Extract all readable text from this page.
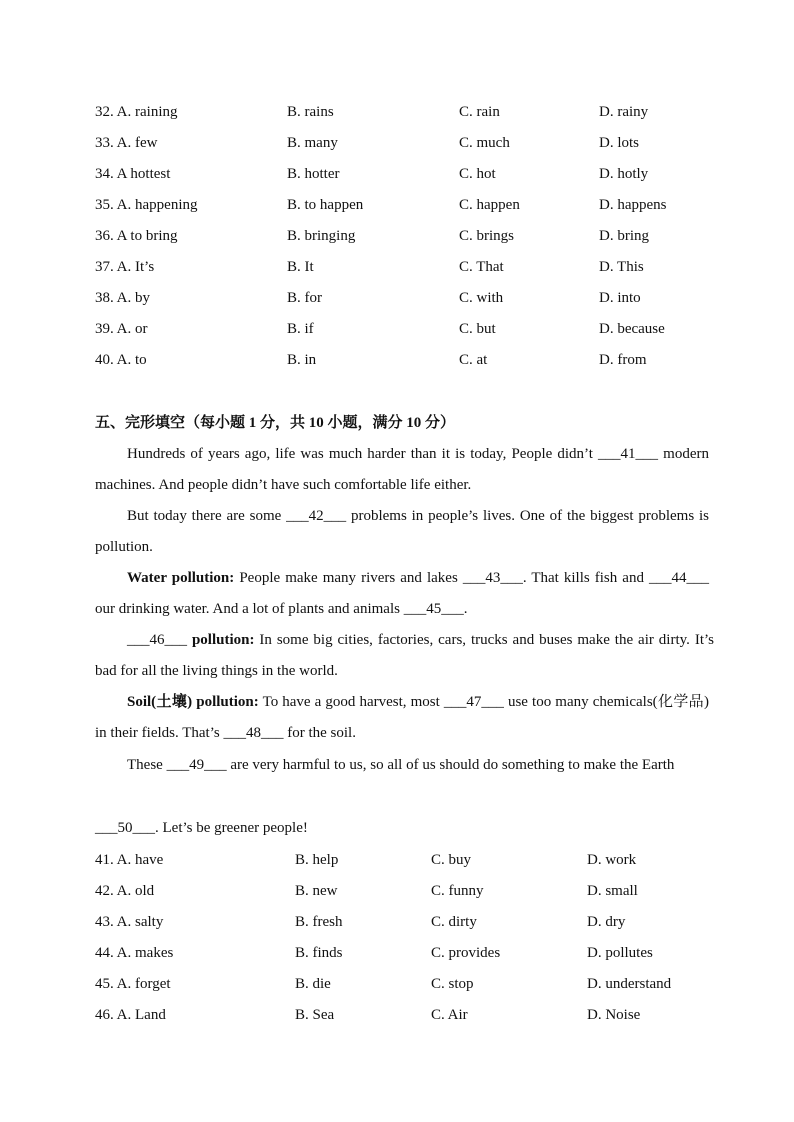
32. A. raining	B. rains	C. rain	D. rainy
33. A. few	B. many	C. much	D. lots
34. A hottest	B. hotter	C. hot	D. hotly
35. A. happening	B. to happen	C. happen	D. happens
36. A to bring	B. bringing	C. brings	D. bring
37. A. It’s	B. It	C. That	D. This
38. A. by	B. for	C. with	D. into
39. A. or	B. if	C. but	D. because
40. A. to	B. in	C. at	D. from
五、完形填空（每小题 1 分，共 10 小题，满分 10 分）
Hundreds of years ago, life was much harder than it is today, People didn’t ___41___ modern machines. And people didn’t have such comfortable life either.
But today there are some ___42___ problems in people’s lives. One of the biggest problems is pollution.
Water pollution: People make many rivers and lakes ___43___. That kills fish and ___44___ our drinking water. And a lot of plants and animals ___45___.
___46___ pollution: In some big cities, factories, cars, trucks and buses make the air dirty. It’s bad for all the living things in the world.
Soil(土壤) pollution: To have a good harvest, most ___47___ use too many chemicals(化学品) in their fields. That’s ___48___ for the soil.
These ___49___ are very harmful to us, so all of us should do something to make the Earth
___50___. Let’s be greener people!
41. A. have	B. help	C. buy	D. work
42. A. old	B. new	C. funny	D. small
43. A. salty	B. fresh	C. dirty	D. dry
44. A. makes	B. finds	C. provides	D. pollutes
45. A. forget	B. die	C. stop	D. understand
46. A. Land	B. Sea	C. Air	D. Noise
